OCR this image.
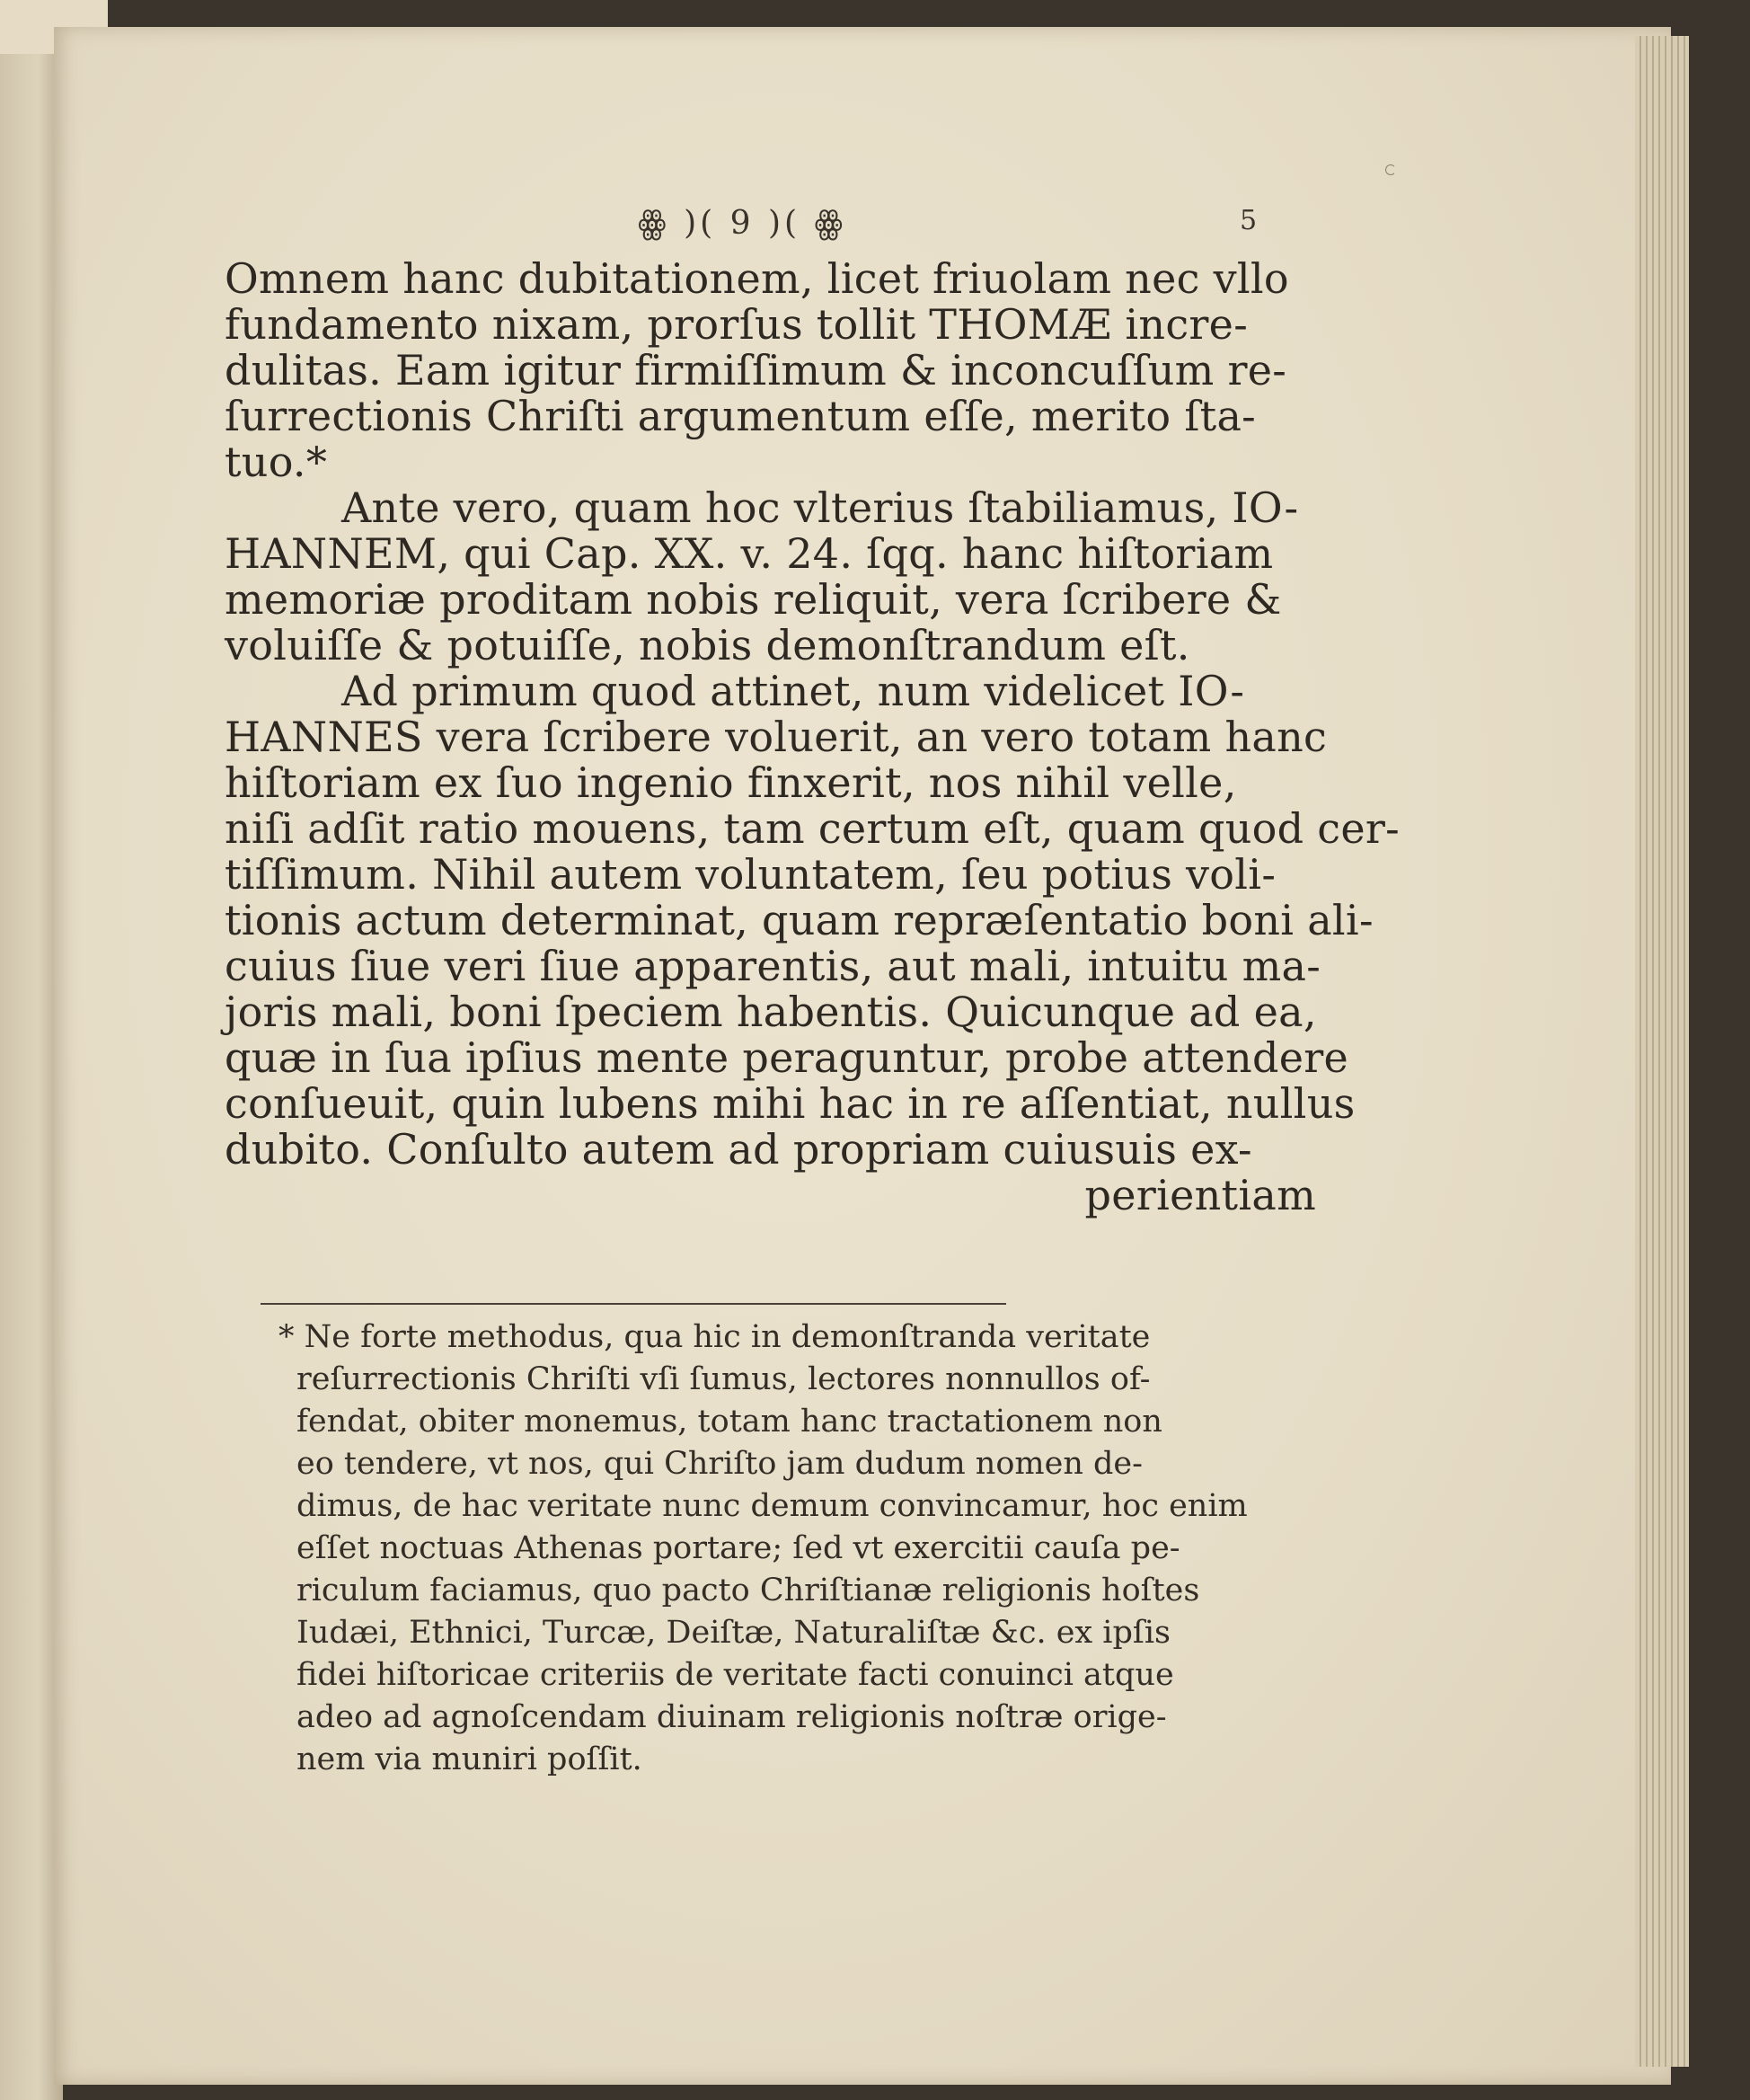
ꙮ )( 9 )( ꙮ	5
Omnem hanc dubitationem, licet friuolam nec vllo
fundamento nixam, prorſus tollit THOMÆ incre-
dulitas. Eam igitur firmiſſimum & inconcuſſum re-
ſurrectionis Chriſti argumentum eſſe, merito ſta-
tuo.*
Ante vero, quam hoc vlterius ſtabiliamus, IO-
HANNEM, qui Cap. XX. v. 24. ſqq. hanc hiſtoriam
memoriæ proditam nobis reliquit, vera ſcribere &
voluiſſe & potuiſſe, nobis demonſtrandum eſt.
Ad primum quod attinet, num videlicet IO-
HANNES vera ſcribere voluerit, an vero totam hanc
hiſtoriam ex ſuo ingenio finxerit, nos nihil velle,
niſi adſit ratio mouens, tam certum eſt, quam quod cer-
tiſſimum. Nihil autem voluntatem, ſeu potius voli-
tionis actum determinat, quam repræſentatio boni ali-
cuius ſiue veri ſiue apparentis, aut mali, intuitu ma-
joris mali, boni ſpeciem habentis. Quicunque ad ea,
quæ in ſua ipſius mente peraguntur, probe attendere
conſueuit, quin lubens mihi hac in re aſſentiat, nullus
dubito. Conſulto autem ad propriam cuiusuis ex-
perientiam
* Ne forte methodus, qua hic in demonſtranda veritate
reſurrectionis Chriſti vſi ſumus, lectores nonnullos of-
fendat, obiter monemus, totam hanc tractationem non
eo tendere, vt nos, qui Chriſto jam dudum nomen de-
dimus, de hac veritate nunc demum convincamur, hoc enim
eſſet noctuas Athenas portare; ſed vt exercitii cauſa pe-
riculum faciamus, quo pacto Chriſtianæ religionis hoſtes
Iudæi, Ethnici, Turcæ, Deiſtæ, Naturaliſtæ &c. ex ipſis
fidei hiſtoricae criteriis de veritate facti conuinci atque
adeo ad agnoſcendam diuinam religionis noſtræ orige-
nem via muniri poſſit.
